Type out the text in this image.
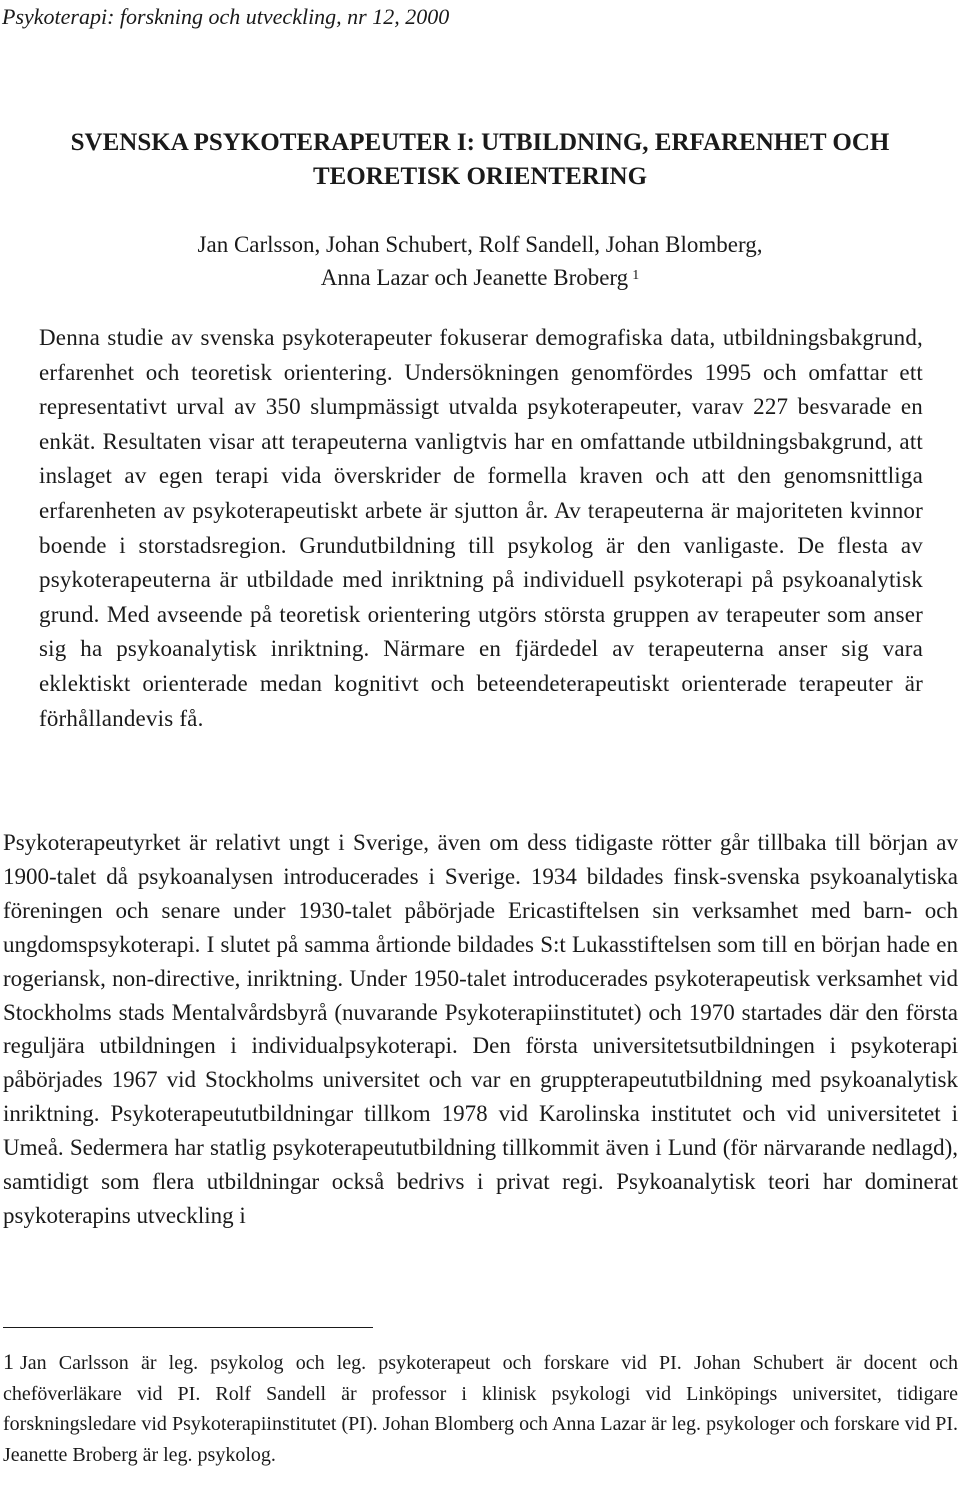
Psykoterapi: forskning och utveckling, nr 12, 2000
SVENSKA PSYKOTERAPEUTER I: UTBILDNING, ERFARENHET OCH
TEORETISK ORIENTERING
Jan Carlsson, Johan Schubert, Rolf Sandell, Johan Blomberg,
Anna Lazar och Jeanette Broberg $^1$

Denna studie av svenska psykoterapeuter fokuserar demografiska data, utbildningsbakgrund, erfarenhet och teoretisk orientering. Undersökningen genomfördes 1995 och omfattar ett representativt urval av 350 slumpmässigt utvalda psykoterapeuter, varav 227 besvarade en enkät. Resultaten visar att terapeuterna vanligtvis har en omfattande utbildningsbakgrund, att inslaget av egen terapi vida överskrider de formella kraven och att den genomsnittliga erfarenheten av psykoterapeutiskt arbete är sjutton år. Av terapeuterna är majoriteten kvinnor boende i storstadsregion. Grundutbildning till psykolog är den vanligaste. De flesta av psykoterapeuterna är utbildade med inriktning på individuell psykoterapi på psykoanalytisk grund. Med avseende på teoretisk orientering utgörs största gruppen av terapeuter som anser sig ha psykoanalytisk inriktning. Närmare en fjärdedel av terapeuterna anser sig vara eklektiskt orienterade medan kognitivt och beteendeterapeutiskt orienterade terapeuter är förhållandevis få.

Psykoterapeutyrket är relativt ungt i Sverige, även om dess tidigaste rötter går tillbaka till början av 1900-talet då psykoanalysen introducerades i Sverige. 1934 bildades finsk-svenska psykoanalytiska föreningen och senare under 1930-talet påbörjade Ericastiftelsen sin verksamhet med barn- och ungdomspsykoterapi. I slutet på samma årtionde bildades S:t Lukasstiftelsen som till en början hade en rogeriansk, non-directive, inriktning. Under 1950-talet introducerades psykoterapeutisk verksamhet vid Stockholms stads Mentalvårdsbyrå (nuvarande Psykoterapiinstitutet) och 1970 startades där den första reguljära utbildningen i individualpsykoterapi. Den första universitetsutbildningen i psykoterapi påbörjades 1967 vid Stockholms universitet och var en gruppterapeututbildning med psykoanalytisk inriktning. Psykoterapeututbildningar tillkom 1978 vid Karolinska institutet och vid universitetet i Umeå. Sedermera har statlig psykoterapeututbildning tillkommit även i Lund (för närvarande nedlagd), samtidigt som flera utbildningar också bedrivs i privat regi. Psykoanalytisk teori har dominerat psykoterapins utveckling i

1 Jan Carlsson är leg. psykolog och leg. psykoterapeut och forskare vid PI. Johan Schubert är docent och cheföverläkare vid PI. Rolf Sandell är professor i klinisk psykologi vid Linköpings universitet, tidigare forskningsledare vid Psykoterapiinstitutet (PI). Johan Blomberg och Anna Lazar är leg. psykologer och forskare vid PI. Jeanette Broberg är leg. psykolog.
